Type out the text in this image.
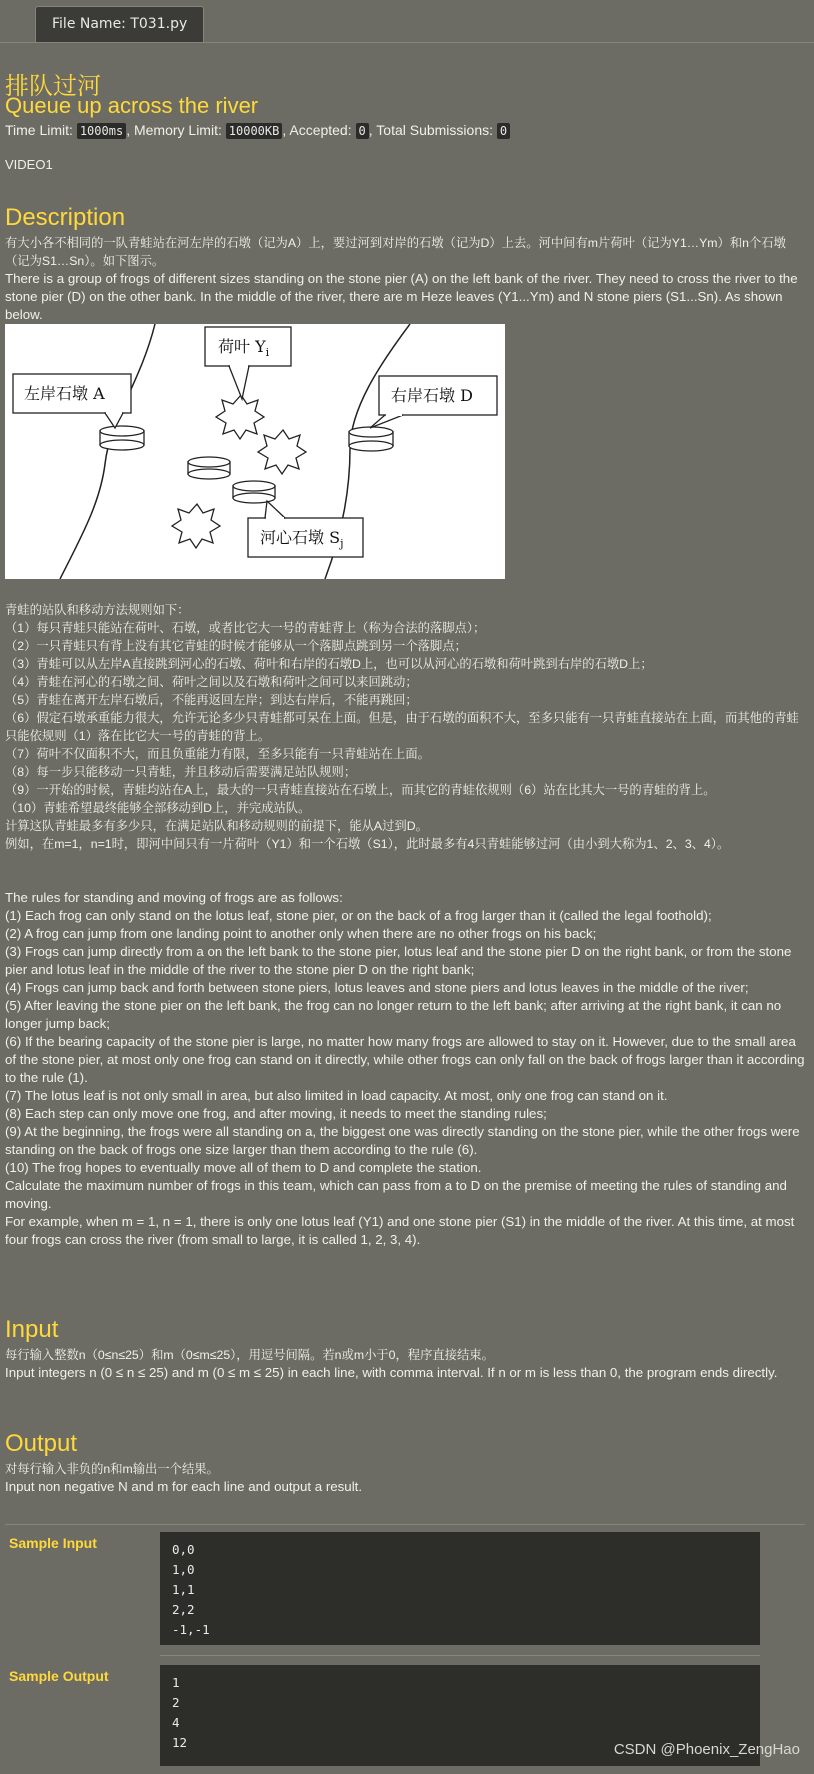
File Name: T031.py
排队过河
Queue up across the river
Time Limit: 1000ms , Memory Limit: 10000KB , Accepted: 0 , Total Submissions: 0
VIDEO1
Description

有大小各不相同的一队青蛙站在河左岸的石墩（记为A）上，要过河到对岸的石墩（记为D）上去。河中间有m片荷叶（记为Y1…Ym）和n个石墩（记为S1…Sn）。如下图示。

There is a group of frogs of different sizes standing on the stone pier (A) on the left bank of the river. They need to cross the river to the stone pier (D) on the other bank. In the middle of the river, there are m Heze leaves (Y1...Ym) and N stone piers (S1...Sn). As shown below.

荷叶 $Y_i$
左岸石墩 A	右岸石墩 D
河心石墩 $S_j$

青蛙的站队和移动方法规则如下：

（1）每只青蛙只能站在荷叶、石墩，或者比它大一号的青蛙背上（称为合法的落脚点）；

（2）一只青蛙只有背上没有其它青蛙的时候才能够从一个落脚点跳到另一个落脚点；

（3）青蛙可以从左岸A直接跳到河心的石墩、荷叶和右岸的石墩D上，也可以从河心的石墩和荷叶跳到右岸的石墩D上；

（4）青蛙在河心的石墩之间、荷叶之间以及石墩和荷叶之间可以来回跳动；

（5）青蛙在离开左岸石墩后，不能再返回左岸；到达右岸后，不能再跳回；

（6）假定石墩承重能力很大，允许无论多少只青蛙都可呆在上面。但是，由于石墩的面积不大，至多只能有一只青蛙直接站在上面，而其他的青蛙只能依规则（1）落在比它大一号的青蛙的背上。

（7）荷叶不仅面积不大，而且负重能力有限，至多只能有一只青蛙站在上面。

（8）每一步只能移动一只青蛙，并且移动后需要满足站队规则；

（9）一开始的时候，青蛙均站在A上，最大的一只青蛙直接站在石墩上，而其它的青蛙依规则（6）站在比其大一号的青蛙的背上。

（10）青蛙希望最终能够全部移动到D上，并完成站队。

计算这队青蛙最多有多少只，在满足站队和移动规则的前提下，能从A过到D。

例如，在m=1，n=1时，即河中间只有一片荷叶（Y1）和一个石墩（S1），此时最多有4只青蛙能够过河（由小到大称为1、2、3、4）。

The rules for standing and moving of frogs are as follows:

(1) Each frog can only stand on the lotus leaf, stone pier, or on the back of a frog larger than it (called the legal foothold);

(2) A frog can jump from one landing point to another only when there are no other frogs on his back;

(3) Frogs can jump directly from a on the left bank to the stone pier, lotus leaf and the stone pier D on the right bank, or from the stone pier and lotus leaf in the middle of the river to the stone pier D on the right bank;

(4) Frogs can jump back and forth between stone piers, lotus leaves and stone piers and lotus leaves in the middle of the river;

(5) After leaving the stone pier on the left bank, the frog can no longer return to the left bank; after arriving at the right bank, it can no longer jump back;

(6) If the bearing capacity of the stone pier is large, no matter how many frogs are allowed to stay on it. However, due to the small area of the stone pier, at most only one frog can stand on it directly, while other frogs can only fall on the back of frogs larger than it according to the rule (1).

(7) The lotus leaf is not only small in area, but also limited in load capacity. At most, only one frog can stand on it.

(8) Each step can only move one frog, and after moving, it needs to meet the standing rules;

(9) At the beginning, the frogs were all standing on a, the biggest one was directly standing on the stone pier, while the other frogs were standing on the back of frogs one size larger than them according to the rule (6).

(10) The frog hopes to eventually move all of them to D and complete the station.

Calculate the maximum number of frogs in this team, which can pass from a to D on the premise of meeting the rules of standing and moving.

For example, when m = 1, n = 1, there is only one lotus leaf (Y1) and one stone pier (S1) in the middle of the river. At this time, at most four frogs can cross the river (from small to large, it is called 1, 2, 3, 4).

Input

每行输入整数n（0≤n≤25）和m（0≤m≤25），用逗号间隔。若n或m小于0，程序直接结束。

Input integers n (0 ≤ n ≤ 25) and m (0 ≤ m ≤ 25) in each line, with comma interval. If n or m is less than 0, the program ends directly.

Output

对每行输入非负的n和m输出一个结果。

Input non negative N and m for each line and output a result.

Sample Input	0,0
1,0
1,1
2,2
-1,-1
Sample Output	1
2
4
12	CSDN @Phoenix_ZengHao
